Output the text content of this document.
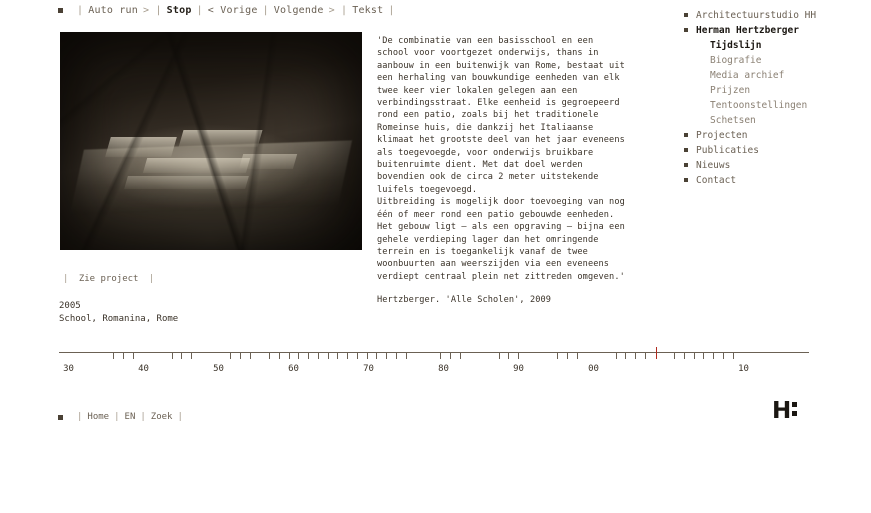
| Auto run > | Stop | < Vorige | Volgende > | Tekst |

'De combinatie van een basisschool en een school voor voortgezet onderwijs, thans in aanbouw in een buitenwijk van Rome, bestaat uit een herhaling van bouwkundige eenheden van elk twee keer vier lokalen gelegen aan een verbindingsstraat. Elke eenheid is gegroepeerd rond een patio, zoals bij het traditionele Romeinse huis, die dankzij het Italiaanse klimaat het grootste deel van het jaar eveneens als toegevoegde, voor onderwijs bruikbare buitenruimte dient. Met dat doel werden bovendien ook de circa 2 meter uitstekende luifels toegevoegd.

Uitbreiding is mogelijk door toevoeging van nog één of meer rond een patio gebouwde eenheden.

Het gebouw ligt – als een opgraving – bijna een gehele verdieping lager dan het omringende terrein en is toegankelijk vanaf de twee woonbuurten aan weerszijden via een eveneens verdiept centraal plein net zittreden omgeven.'

Hertzberger. 'Alle Scholen', 2009

| Zie project |
2005
School, Romanina, Rome
30	40	50	60	70	80	90	00	10
| Home | EN | Zoek |	H
Architectuurstudio HH
Herman Hertzberger
Tijdslijn
Biografie
Media archief
Prijzen
Tentoonstellingen
Schetsen
Projecten
Publicaties
Nieuws
Contact
